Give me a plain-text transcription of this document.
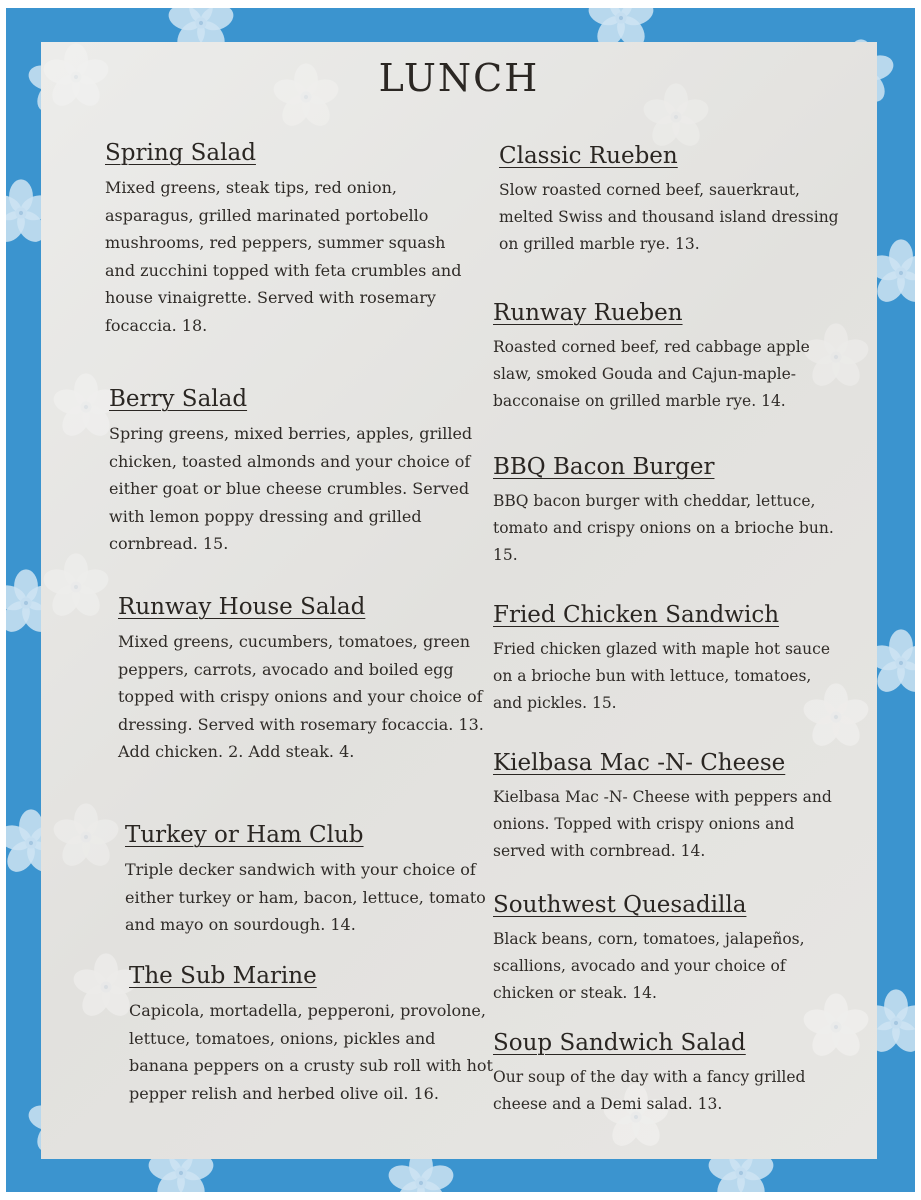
LUNCH
Spring Salad
Mixed greens, steak tips, red onion, asparagus, grilled marinated portobello mushrooms, red peppers, summer squash and zucchini topped with feta crumbles and house vinaigrette. Served with rosemary focaccia. 18.
Berry Salad
Spring greens, mixed berries, apples, grilled chicken, toasted almonds and your choice of either goat or blue cheese crumbles. Served with lemon poppy dressing and grilled cornbread. 15.
Runway House Salad
Mixed greens, cucumbers, tomatoes, green peppers, carrots, avocado and boiled egg topped with crispy onions and your choice of dressing. Served with rosemary focaccia. 13.
Add chicken. 2. Add steak. 4.
Turkey or Ham Club
Triple decker sandwich with your choice of either turkey or ham, bacon, lettuce, tomato and mayo on sourdough. 14.
The Sub Marine
Capicola, mortadella, pepperoni, provolone, lettuce, tomatoes, onions, pickles and banana peppers on a crusty sub roll with hot pepper relish and herbed olive oil. 16.
Classic Rueben
Slow roasted corned beef, sauerkraut, melted Swiss and thousand island dressing on grilled marble rye. 13.
Runway Rueben
Roasted corned beef, red cabbage apple slaw, smoked Gouda and Cajun-maple-bacconaise on grilled marble rye. 14.
BBQ Bacon Burger
BBQ bacon burger with cheddar, lettuce, tomato and crispy onions on a brioche bun. 15.
Fried Chicken Sandwich
Fried chicken glazed with maple hot sauce on a brioche bun with lettuce, tomatoes, and pickles. 15.
Kielbasa Mac -N- Cheese
Kielbasa Mac -N- Cheese with peppers and onions. Topped with crispy onions and served with cornbread. 14.
Southwest Quesadilla
Black beans, corn, tomatoes, jalapeños, scallions, avocado and your choice of chicken or steak. 14.
Soup Sandwich Salad
Our soup of the day with a fancy grilled cheese and a Demi salad. 13.
